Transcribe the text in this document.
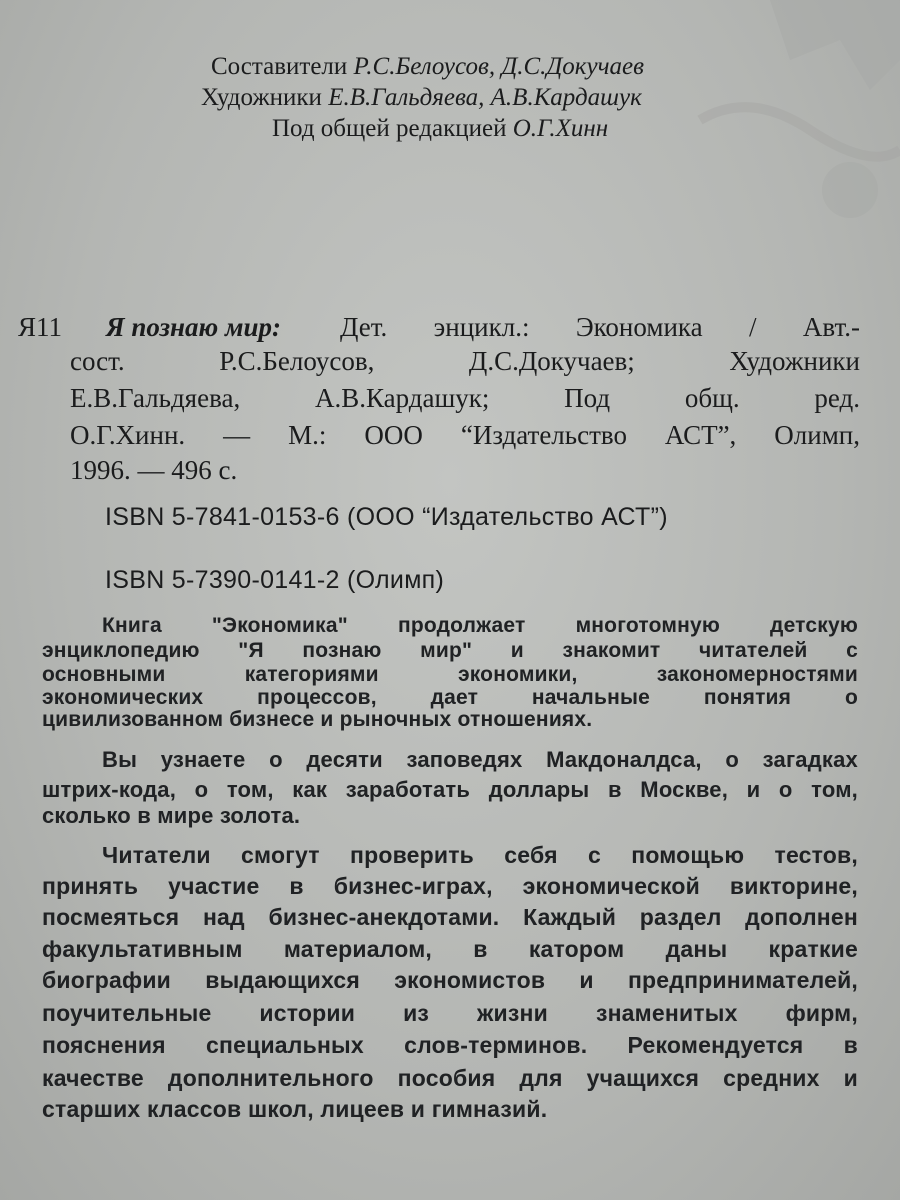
Составители Р.С.Белоусов, Д.С.Докучаев
Художники Е.В.Гальдяева, А.В.Кардашук
Под общей редакцией О.Г.Хинн
Я11 Я познаю мир: Дет. энцикл.: Экономика / Авт.-
сост. Р.С.Белоусов, Д.С.Докучаев; Художники
Е.В.Гальдяева, А.В.Кардашук; Под общ. ред.
О.Г.Хинн. — М.: ООО “Издательство АСТ”, Олимп,
1996. — 496 с.
ISBN 5-7841-0153-6 (ООО “Издательство АСТ”)
ISBN 5-7390-0141-2 (Олимп)
Книга "Экономика" продолжает многотомную детскую
энциклопедию "Я познаю мир" и знакомит читателей с
основными категориями экономики, закономерностями
экономических процессов, дает начальные понятия о
цивилизованном бизнесе и рыночных отношениях.
Вы узнаете о десяти заповедях Макдоналдса, о загадках
штрих-кода, о том, как заработать доллары в Москве, и о том,
сколько в мире золота.
Читатели смогут проверить себя с помощью тестов,
принять участие в бизнес-играх, экономической викторине,
посмеяться над бизнес-анекдотами. Каждый раздел дополнен
факультативным материалом, в катором даны краткие
биографии выдающихся экономистов и предпринимателей,
поучительные истории из жизни знаменитых фирм,
пояснения специальных слов-терминов. Рекомендуется в
качестве дополнительного пособия для учащихся средних и
старших классов школ, лицеев и гимназий.
